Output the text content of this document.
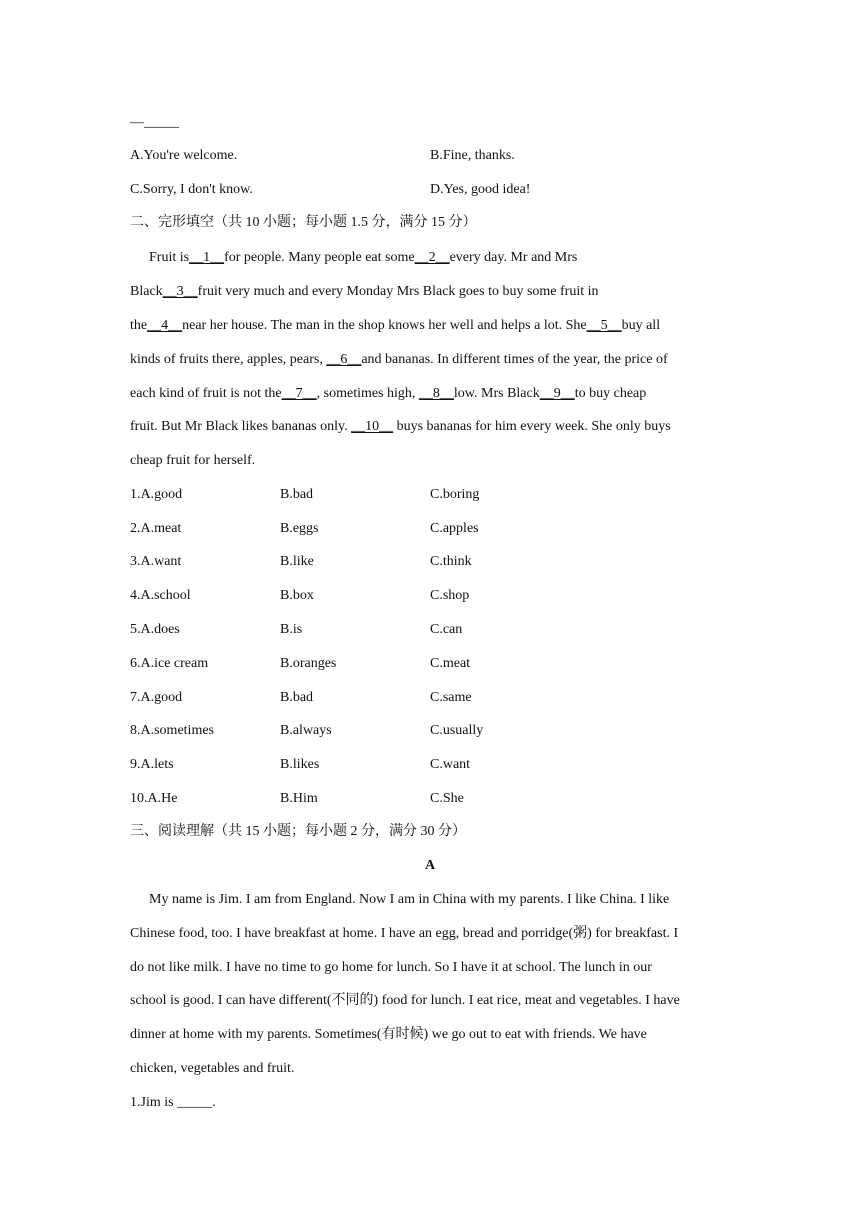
—_____
A.You're welcome.	B.Fine, thanks.
C.Sorry, I don't know.	D.Yes, good idea!
二、完形填空（共 10 小题；每小题 1.5 分，满分 15 分）
Fruit is__1__for people. Many people eat some__2__every day. Mr and Mrs
Black__3__fruit very much and every Monday Mrs Black goes to buy some fruit in
the__4__near her house. The man in the shop knows her well and helps a lot. She__5__buy all
kinds of fruits there, apples, pears, __6__and bananas. In different times of the year, the price of
each kind of fruit is not the__7__, sometimes high, __8__low. Mrs Black__9__to buy cheap
fruit. But Mr Black likes bananas only. __10__ buys bananas for him every week. She only buys
cheap fruit for herself.
1.A.good	B.bad	C.boring
2.A.meat	B.eggs	C.apples
3.A.want	B.like	C.think
4.A.school	B.box	C.shop
5.A.does	B.is	C.can
6.A.ice cream	B.oranges	C.meat
7.A.good	B.bad	C.same
8.A.sometimes	B.always	C.usually
9.A.lets	B.likes	C.want
10.A.He	B.Him	C.She
三、阅读理解（共 15 小题；每小题 2 分，满分 30 分）
A
My name is Jim. I am from England. Now I am in China with my parents. I like China. I like
Chinese food, too. I have breakfast at home. I have an egg, bread and porridge(粥) for breakfast. I
do not like milk. I have no time to go home for lunch. So I have it at school. The lunch in our
school is good. I can have different(不同的) food for lunch. I eat rice, meat and vegetables. I have
dinner at home with my parents. Sometimes(有时候) we go out to eat with friends. We have
chicken, vegetables and fruit.
1.Jim is _____.
